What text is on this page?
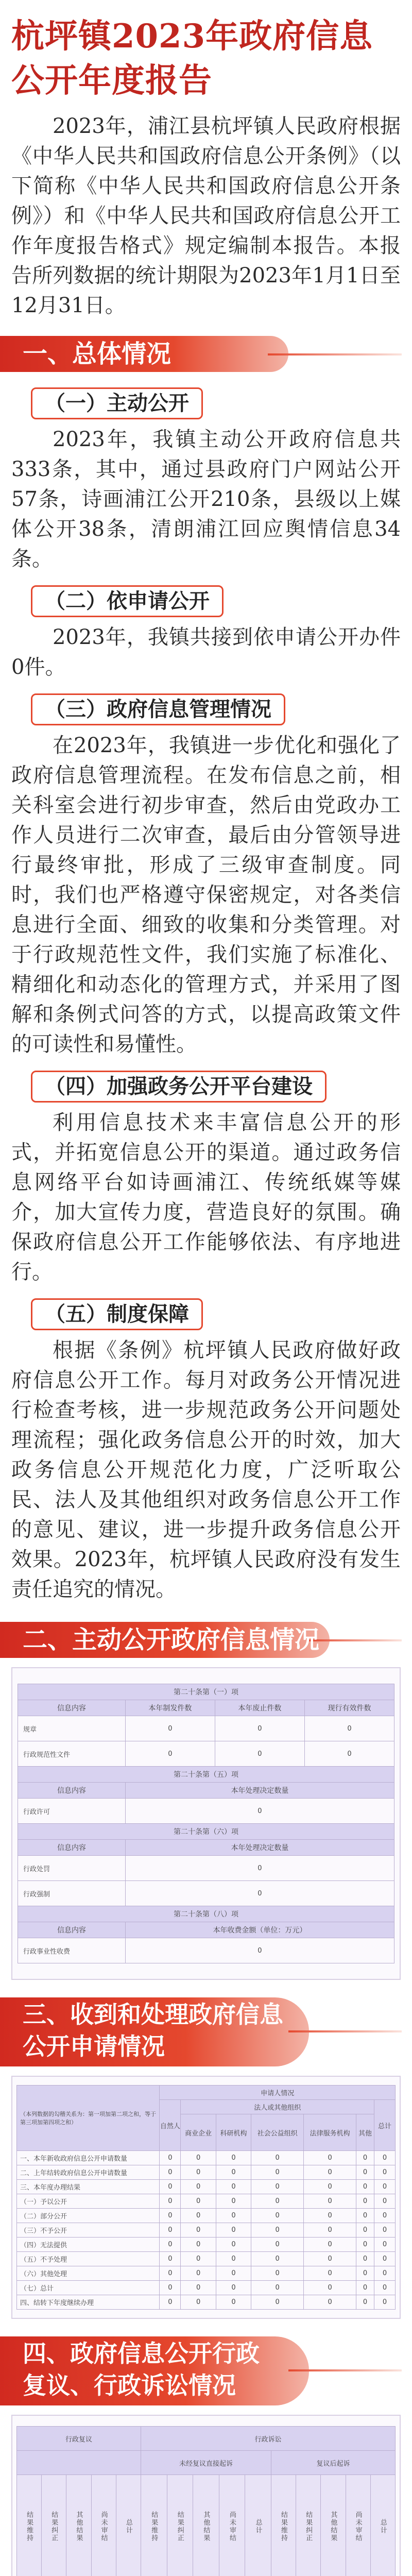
杭坪镇2023年政府信息公开年度报告

2023年，浦江县杭坪镇人民政府根据《中华人民共和国政府信息公开条例》（以下简称《中华人民共和国政府信息公开条例》）和《中华人民共和国政府信息公开工作年度报告格式》规定编制本报告。本报告所列数据的统计期限为2023年1月1日至12月31日。

一、总体情况
（一）主动公开

2023年，我镇主动公开政府信息共333条，其中，通过县政府门户网站公开57条，诗画浦江公开210条，县级以上媒体公开38条，清朗浦江回应舆情信息34条。

（二）依申请公开

2023年，我镇共接到依申请公开办件0件。

（三）政府信息管理情况

在2023年，我镇进一步优化和强化了政府信息管理流程。在发布信息之前，相关科室会进行初步审查，然后由党政办工作人员进行二次审查，最后由分管领导进行最终审批，形成了三级审查制度。同时，我们也严格遵守保密规定，对各类信息进行全面、细致的收集和分类管理。对于行政规范性文件，我们实施了标准化、精细化和动态化的管理方式，并采用了图解和条例式问答的方式，以提高政策文件的可读性和易懂性。

（四）加强政务公开平台建设

利用信息技术来丰富信息公开的形式，并拓宽信息公开的渠道。通过政务信息网络平台如诗画浦江、传统纸媒等媒介，加大宣传力度，营造良好的氛围。确保政府信息公开工作能够依法、有序地进行。

（五）制度保障

根据《条例》杭坪镇人民政府做好政府信息公开工作。每月对政务公开情况进行检查考核，进一步规范政务公开问题处理流程；强化政务信息公开的时效，加大政务信息公开规范化力度，广泛听取公民、法人及其他组织对政务信息公开工作的意见、建议，进一步提升政务信息公开效果。2023年，杭坪镇人民政府没有发生责任追究的情况。

二、主动公开政府信息情况
第二十条第（一）项			
信息内容	本年制发件数	本年废止件数	现行有效件数
规章	0	0	0
行政规范性文件	0	0	0
第二十条第（五）项			
信息内容	本年处理决定数量		
行政许可	0		
第二十条第（六）项			
信息内容	本年处理决定数量		
行政处罚	0		
行政强制	0		
第二十条第（八）项			
信息内容	本年收费金额（单位：万元）		
行政事业性收费	0		
三、收到和处理政府信息
公开申请情况
（本列数据的勾稽关系为：第一项加第二项之和，等于第三项加第四项之和）	申请人情况						
	自然人	法人或其他组织					总计
		商业企业	科研机构	社会公益组织	法律服务机构	其他	
一、本年新收政府信息公开申请数量	0	0	0	0	0	0	0
二、上年结转政府信息公开申请数量	0	0	0	0	0	0	0
三、本年度办理结果	0	0	0	0	0	0	0
（一）予以公开	0	0	0	0	0	0	0
（二）部分公开	0	0	0	0	0	0	0
（三）不予公开	0	0	0	0	0	0	0
（四）无法提供	0	0	0	0	0	0	0
（五）不予处理	0	0	0	0	0	0	0
（六）其他处理	0	0	0	0	0	0	0
（七）总计	0	0	0	0	0	0	0
四、结转下年度继续办理	0	0	0	0	0	0	0
四、政府信息公开行政
复议、行政诉讼情况
行政复议					行政诉讼									
					未经复议直接起诉					复议后起诉				
结果维持	结果纠正	其他结果	尚未审结	总计	结果维持	结果纠正	其他结果	尚未审结	总计	结果维持	结果纠正	其他结果	尚未审结	总计
